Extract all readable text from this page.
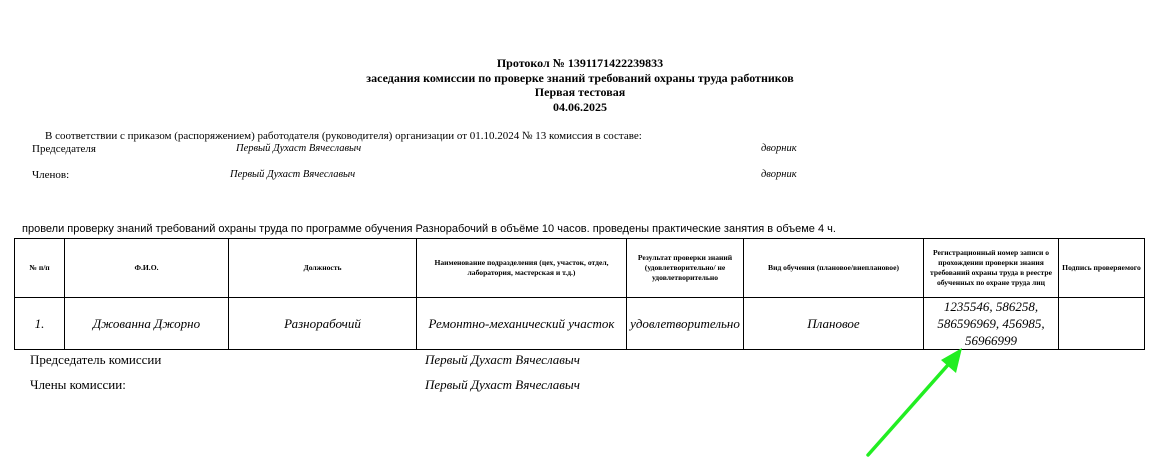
Протокол № 1391171422239833
заседания комиссии по проверке знаний требований охраны труда работников
Первая тестовая
04.06.2025
В соответствии с приказом (распоряжением) работодателя (руководителя) организации от 01.10.2024 № 13 комиссия в составе:
Председателя	Первый Духаст Вячеславыч	дворник
Членов:	Первый Духаст Вячеславыч	дворник
провели проверку знаний требований охраны труда по программе обучения Разнорабочий в объёме 10 часов. проведены практические занятия в объеме 4 ч.
№ п/п	Ф.И.О.	Должность	Наименование подразделения (цех, участок, отдел, лаборатория, мастерская и т.д.)	Результат проверки знаний (удовлетворительно/ не удовлетворительно	Вид обучения (плановое/внеплановое)	Регистрационный номер записи о прохождении проверки знания требований охраны труда в реестре обученных по охране труда лиц	Подпись проверяемого
1.	Джованна Джорно	Разнорабочий	Ремонтно-механический участок	удовлетворительно	Плановое	1235546, 586258, 586596969, 456985, 56966999	
Председатель комиссии	Первый Духаст Вячеславыч
Члены комиссии:	Первый Духаст Вячеславыч
